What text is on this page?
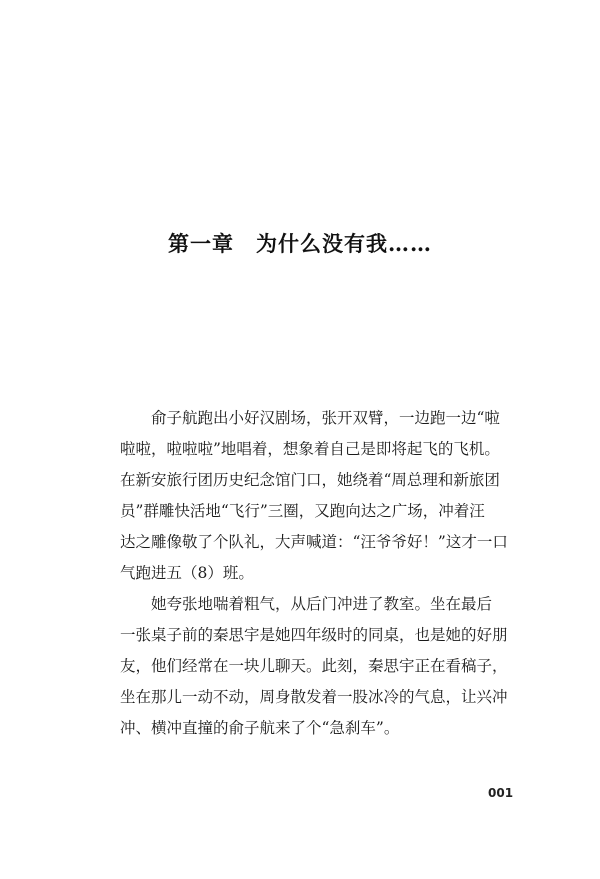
第一章　为什么没有我……
俞子航跑出小好汉剧场，张开双臂，一边跑一边“啦
啦啦，啦啦啦”地唱着，想象着自己是即将起飞的飞机。
在新安旅行团历史纪念馆门口，她绕着“周总理和新旅团
员”群雕快活地“飞行”三圈，又跑向达之广场，冲着汪
达之雕像敬了个队礼，大声喊道：“汪爷爷好！”这才一口
气跑进五（8）班。
她夸张地喘着粗气，从后门冲进了教室。坐在最后
一张桌子前的秦思宇是她四年级时的同桌，也是她的好朋
友，他们经常在一块儿聊天。此刻，秦思宇正在看稿子，
坐在那儿一动不动，周身散发着一股冰冷的气息，让兴冲
冲、横冲直撞的俞子航来了个“急刹车”。
001
